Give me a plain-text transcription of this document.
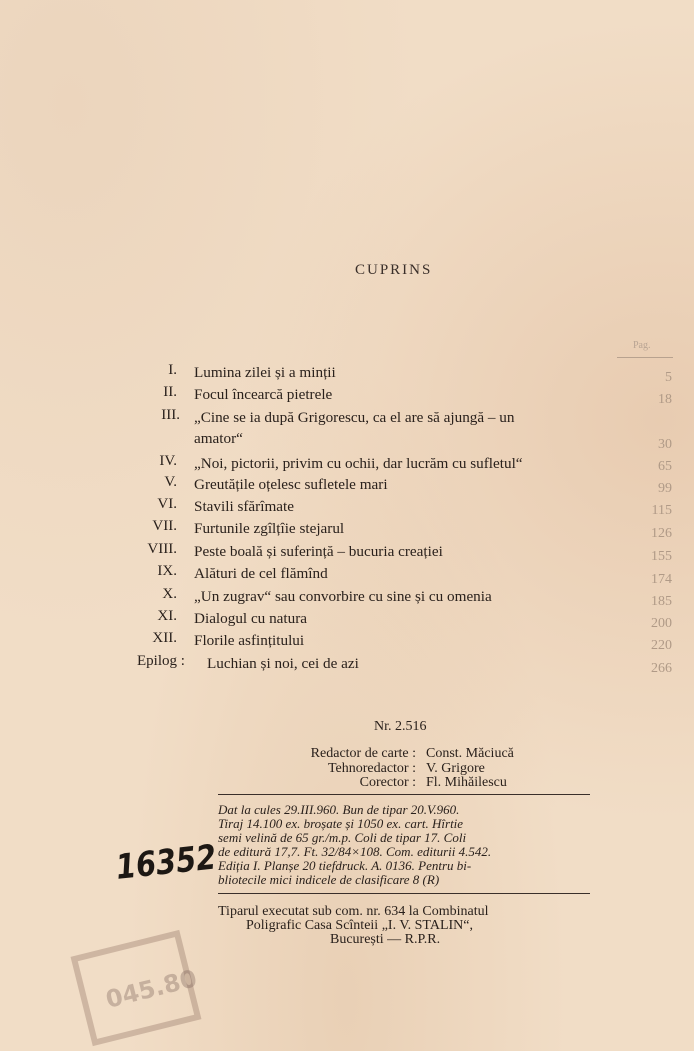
CUPRINS
Pag.
I. Lumina zilei și a minții	5
II. Focul încearcă pietrele	18
III. „Cine se ia după Grigorescu, ca el are să ajungă – un
amator“	30
IV. „Noi, pictorii, privim cu ochii, dar lucrăm cu sufletul“	65
V. Greutățile oțelesc sufletele mari	99
VI. Stavili sfărîmate	115
VII. Furtunile zgîlțîie stejarul	126
VIII. Peste boală și suferință – bucuria creației	155
IX. Alături de cel flămînd	174
X. „Un zugrav“ sau convorbire cu sine și cu omenia	185
XI. Dialogul cu natura	200
XII. Florile asfințitului	220
Epilog : Luchian și noi, cei de azi	266
Nr. 2.516
Redactor de carte : Const. Măciucă
Tehnoredactor : V. Grigore
Corector : Fl. Mihăilescu
Dat la cules 29.III.960. Bun de tipar 20.V.960.
Tiraj 14.100 ex. broșate și 1050 ex. cart. Hîrtie
semi velină de 65 gr./m.p. Coli de tipar 17. Coli
de editură 17,7. Ft. 32/84×108. Com. editurii 4.542.
Ediția I. Planșe 20 tiefdruck. A. 0136. Pentru bi-
bliotecile mici indicele de clasificare 8 (R)
Tiparul executat sub com. nr. 634 la Combinatul
Poligrafic Casa Scînteii „I. V. STALIN“,
București — R.P.R.
16352
045.80
